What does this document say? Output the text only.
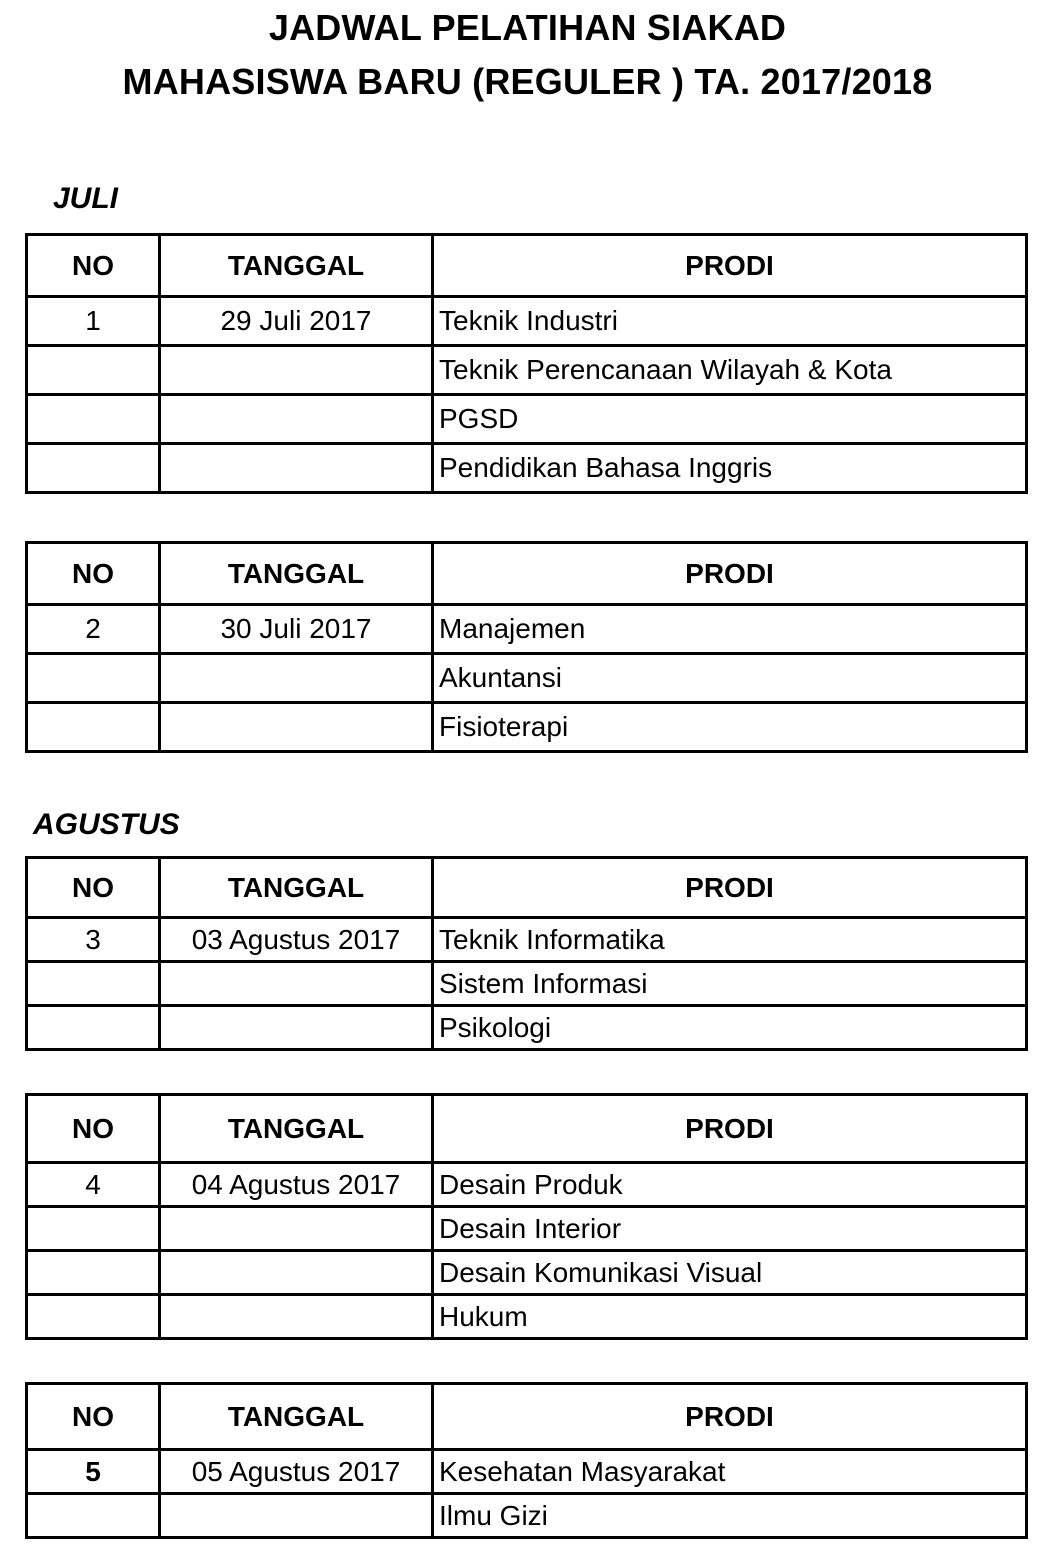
JADWAL PELATIHAN SIAKAD
MAHASISWA BARU (REGULER ) TA. 2017/2018
JULI
NO	TANGGAL	PRODI
1	29 Juli 2017	Teknik Industri
		Teknik Perencanaan Wilayah & Kota
		PGSD
		Pendidikan Bahasa Inggris
NO	TANGGAL	PRODI
2	30 Juli 2017	Manajemen
		Akuntansi
		Fisioterapi
AGUSTUS
NO	TANGGAL	PRODI
3	03 Agustus 2017	Teknik Informatika
		Sistem Informasi
		Psikologi
NO	TANGGAL	PRODI
4	04 Agustus 2017	Desain Produk
		Desain Interior
		Desain Komunikasi Visual
		Hukum
NO	TANGGAL	PRODI
5	05 Agustus 2017	Kesehatan Masyarakat
		Ilmu Gizi
